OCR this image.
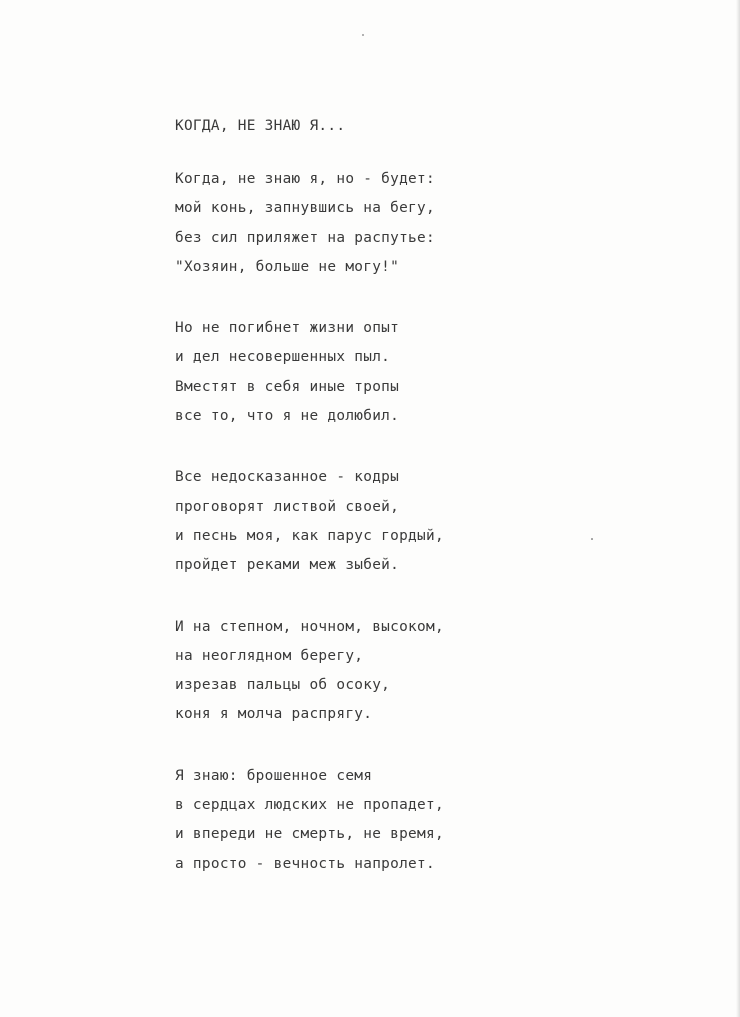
КОГДА, НЕ ЗНАЮ Я...
Когда, не знаю я, но - будет:
мой конь, запнувшись на бегу,
без сил приляжет на распутье:
"Хозяин, больше не могу!"
Но не погибнет жизни опыт
и дел несовершенных пыл.
Вместят в себя иные тропы
все то, что я не долюбил.
Все недосказанное - кодры
проговорят листвой своей,
и песнь моя, как парус гордый,
пройдет реками меж зыбей.
И на степном, ночном, высоком,
на неоглядном берегу,
изрезав пальцы об осоку,
коня я молча распрягу.
Я знаю: брошенное семя
в сердцах людских не пропадет,
и впереди не смерть, не время,
а просто - вечность напролет.
